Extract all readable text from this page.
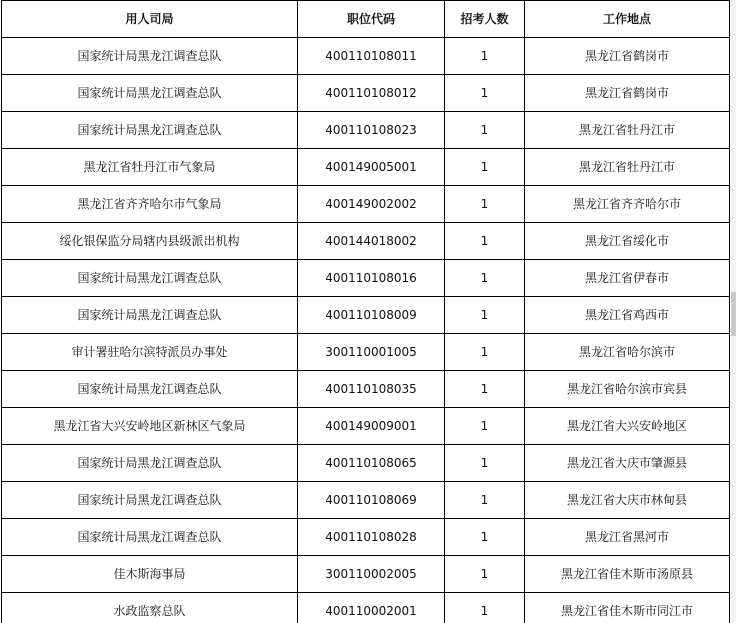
用人司局	职位代码	招考人数	工作地点
国家统计局黑龙江调查总队	400110108011	1	黑龙江省鹤岗市
国家统计局黑龙江调查总队	400110108012	1	黑龙江省鹤岗市
国家统计局黑龙江调查总队	400110108023	1	黑龙江省牡丹江市
黑龙江省牡丹江市气象局	400149005001	1	黑龙江省牡丹江市
黑龙江省齐齐哈尔市气象局	400149002002	1	黑龙江省齐齐哈尔市
绥化银保监分局辖内县级派出机构	400144018002	1	黑龙江省绥化市
国家统计局黑龙江调查总队	400110108016	1	黑龙江省伊春市
国家统计局黑龙江调查总队	400110108009	1	黑龙江省鸡西市
审计署驻哈尔滨特派员办事处	300110001005	1	黑龙江省哈尔滨市
国家统计局黑龙江调查总队	400110108035	1	黑龙江省哈尔滨市宾县
黑龙江省大兴安岭地区新林区气象局	400149009001	1	黑龙江省大兴安岭地区
国家统计局黑龙江调查总队	400110108065	1	黑龙江省大庆市肇源县
国家统计局黑龙江调查总队	400110108069	1	黑龙江省大庆市林甸县
国家统计局黑龙江调查总队	400110108028	1	黑龙江省黑河市
佳木斯海事局	300110002005	1	黑龙江省佳木斯市汤原县
水政监察总队	400110002001	1	黑龙江省佳木斯市同江市
